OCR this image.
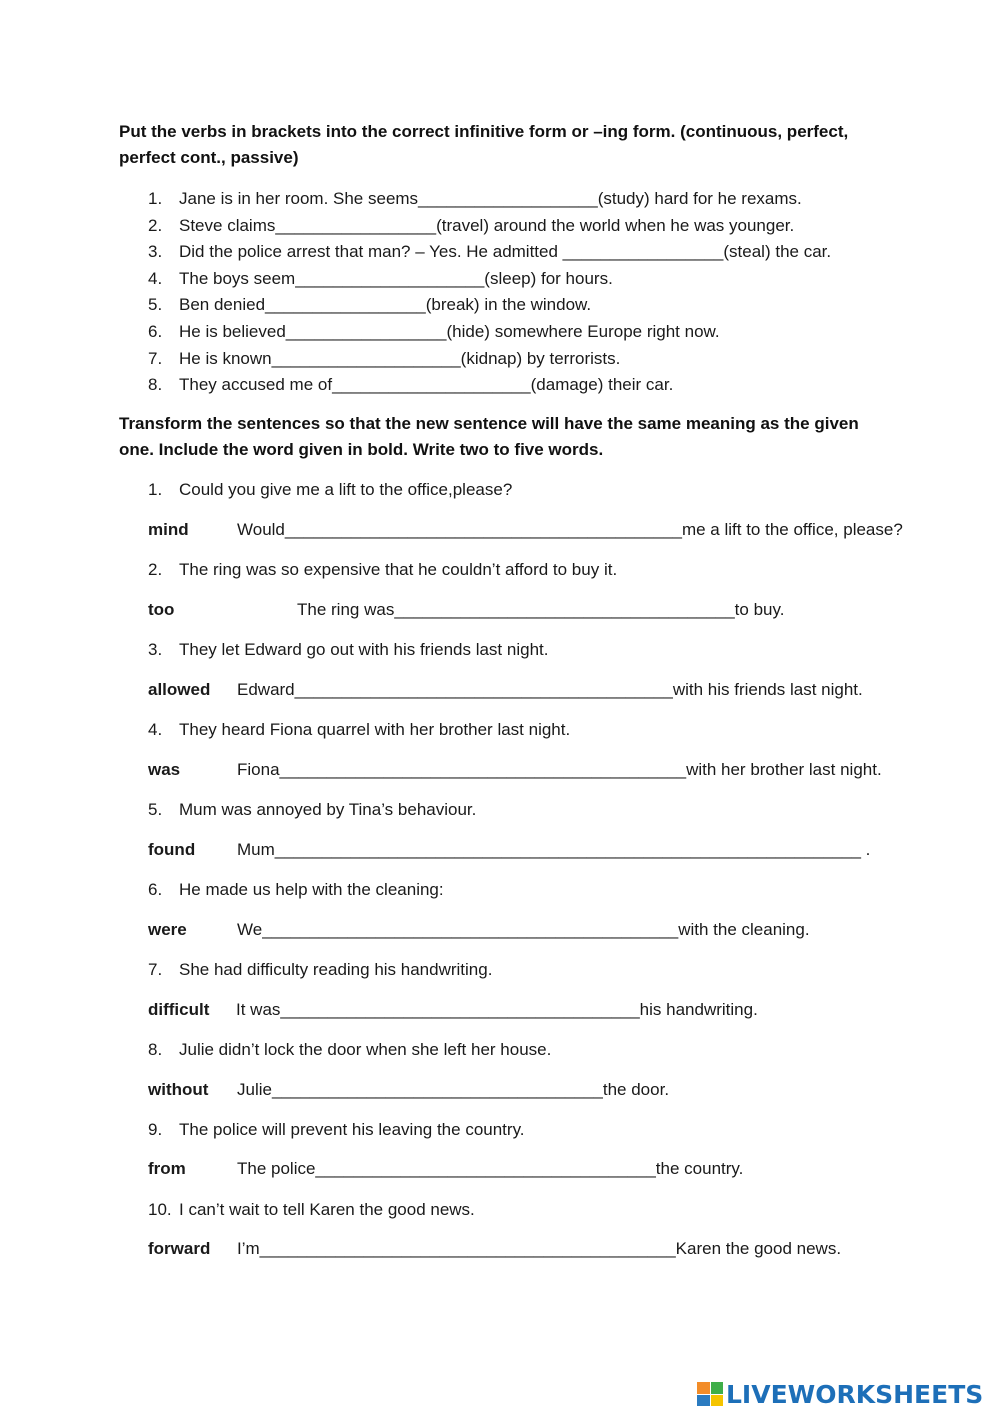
Put the verbs in brackets into the correct infinitive form or –ing form. (continuous, perfect, perfect cont., passive)
1. Jane is in her room. She seems___________________(study) hard for he rexams.
2. Steve claims_________________(travel) around the world when he was younger.
3. Did the police arrest that man? – Yes. He admitted _________________(steal) the car.
4. The boys seem____________________(sleep) for hours.
5. Ben denied_________________(break) in the window.
6. He is believed_________________(hide) somewhere Europe right now.
7. He is known____________________(kidnap) by terrorists.
8. They accused me of_____________________(damage) their car.
Transform the sentences so that the new sentence will have the same meaning as the given one. Include the word given in bold. Write two to five words.
1. Could you give me a lift to the office,please?
mind	Would__________________________________________me a lift to the office, please?
2. The ring was so expensive that he couldn’t afford to buy it.
too	The ring was____________________________________to buy.
3. They let Edward go out with his friends last night.
allowed Edward________________________________________with his friends last night.
4. They heard Fiona quarrel with her brother last night.
was	Fiona___________________________________________with her brother last night.
5. Mum was annoyed by Tina’s behaviour.
found Mum______________________________________________________________ .
6. He made us help with the cleaning:
were	We____________________________________________with the cleaning.
7. She had difficulty reading his handwriting.
difficult It was______________________________________his handwriting.
8. Julie didn’t lock the door when she left her house.
without Julie___________________________________the door.
9. The police will prevent his leaving the country.
from	The police____________________________________the country.
10. I can’t wait to tell Karen the good news.
forward I’m____________________________________________Karen the good news.
LIVEWORKSHEETS
